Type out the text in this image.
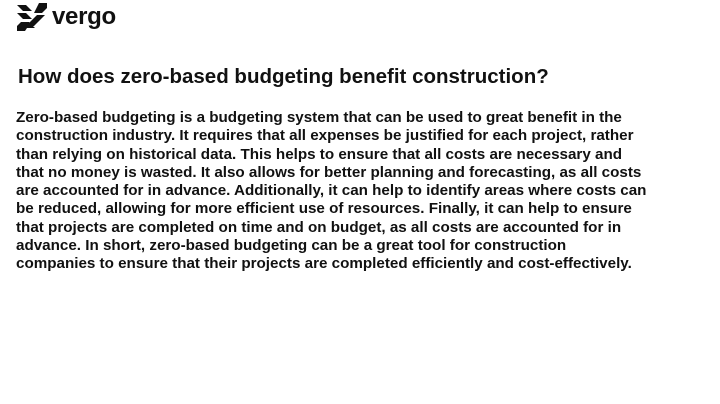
vergo
How does zero-based budgeting benefit construction?

Zero-based budgeting is a budgeting system that can be used to great benefit in the construction industry. It requires that all expenses be justified for each project, rather than relying on historical data. This helps to ensure that all costs are necessary and that no money is wasted. It also allows for better planning and forecasting, as all costs are accounted for in advance. Additionally, it can help to identify areas where costs can be reduced, allowing for more efficient use of resources. Finally, it can help to ensure that projects are completed on time and on budget, as all costs are accounted for in advance. In short, zero-based budgeting can be a great tool for construction companies to ensure that their projects are completed efficiently and cost-effectively.
